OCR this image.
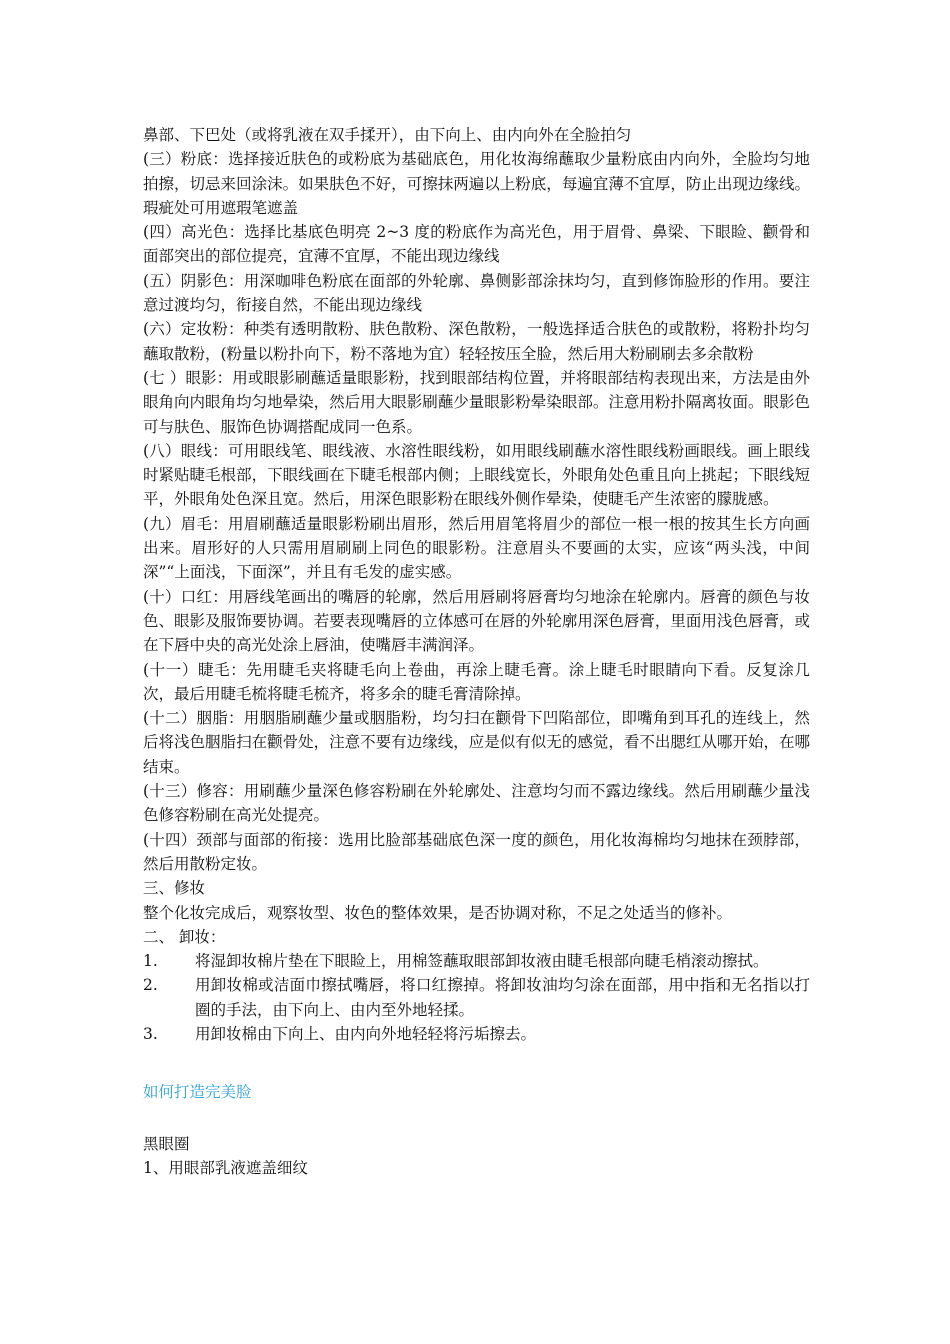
鼻部、下巴处（或将乳液在双手揉开），由下向上、由内向外在全脸拍匀

(三）粉底：选择接近肤色的或粉底为基础底色，用化妆海绵蘸取少量粉底由内向外，全脸均匀地拍擦，切忌来回涂沫。如果肤色不好，可擦抹两遍以上粉底，每遍宜薄不宜厚，防止出现边缘线。瑕疵处可用遮瑕笔遮盖

(四）高光色：选择比基底色明亮 2~3 度的粉底作为高光色，用于眉骨、鼻梁、下眼睑、颧骨和面部突出的部位提亮，宜薄不宜厚，不能出现边缘线

(五）阴影色：用深咖啡色粉底在面部的外轮廓、鼻侧影部涂抹均匀，直到修饰脸形的作用。要注意过渡均匀，衔接自然，不能出现边缘线

(六）定妆粉：种类有透明散粉、肤色散粉、深色散粉，一般选择适合肤色的或散粉，将粉扑均匀蘸取散粉，(粉量以粉扑向下，粉不落地为宜）轻轻按压全脸，然后用大粉刷刷去多余散粉

(七 ）眼影：用或眼影刷蘸适量眼影粉，找到眼部结构位置，并将眼部结构表现出来，方法是由外眼角向内眼角均匀地晕染，然后用大眼影刷蘸少量眼影粉晕染眼部。注意用粉扑隔离妆面。眼影色可与肤色、服饰色协调搭配成同一色系。

(八）眼线：可用眼线笔、眼线液、水溶性眼线粉，如用眼线刷蘸水溶性眼线粉画眼线。画上眼线时紧贴睫毛根部，下眼线画在下睫毛根部内侧；上眼线宽长，外眼角处色重且向上挑起；下眼线短平，外眼角处色深且宽。然后，用深色眼影粉在眼线外侧作晕染，使睫毛产生浓密的朦胧感。

(九）眉毛：用眉刷蘸适量眼影粉刷出眉形，然后用眉笔将眉少的部位一根一根的按其生长方向画出来。眉形好的人只需用眉刷刷上同色的眼影粉。注意眉头不要画的太实，应该“两头浅，中间深”“上面浅，下面深”，并且有毛发的虚实感。

(十）口红：用唇线笔画出的嘴唇的轮廓，然后用唇刷将唇膏均匀地涂在轮廓内。唇膏的颜色与妆色、眼影及服饰要协调。若要表现嘴唇的立体感可在唇的外轮廓用深色唇膏，里面用浅色唇膏，或在下唇中央的高光处涂上唇油，使嘴唇丰满润泽。

(十一）睫毛：先用睫毛夹将睫毛向上卷曲，再涂上睫毛膏。涂上睫毛时眼睛向下看。反复涂几次，最后用睫毛梳将睫毛梳齐，将多余的睫毛膏清除掉。

(十二）胭脂：用胭脂刷蘸少量或胭脂粉，均匀扫在颧骨下凹陷部位，即嘴角到耳孔的连线上，然后将浅色胭脂扫在颧骨处，注意不要有边缘线，应是似有似无的感觉，看不出腮红从哪开始，在哪结束。

(十三）修容：用刷蘸少量深色修容粉刷在外轮廓处、注意均匀而不露边缘线。然后用刷蘸少量浅色修容粉刷在高光处提亮。

(十四）颈部与面部的衔接：选用比脸部基础底色深一度的颜色，用化妆海棉均匀地抹在颈脖部，然后用散粉定妆。

三、修妆

整个化妆完成后，观察妆型、妆色的整体效果，是否协调对称，不足之处适当的修补。

二、 卸妆：

1.	将湿卸妆棉片垫在下眼睑上，用棉签蘸取眼部卸妆液由睫毛根部向睫毛梢滚动擦拭。
2.	用卸妆棉或洁面巾擦拭嘴唇，将口红擦掉。将卸妆油均匀涂在面部，用中指和无名指以打圈的手法，由下向上、由内至外地轻揉。
3.	用卸妆棉由下向上、由内向外地轻轻将污垢擦去。
如何打造完美脸
黑眼圈
1、用眼部乳液遮盖细纹
